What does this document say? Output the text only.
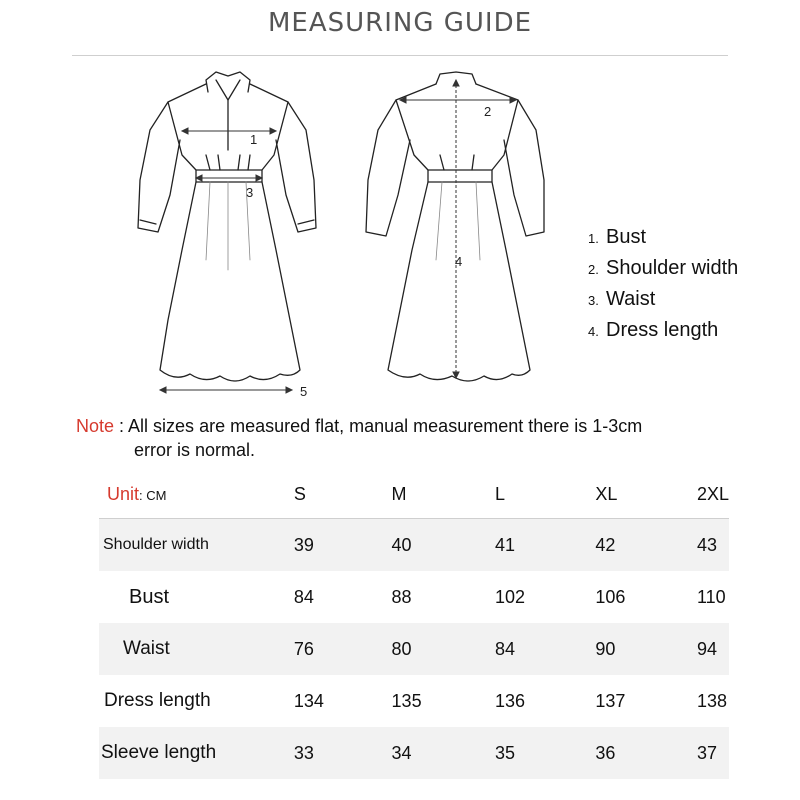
MEASURING GUIDE
1
2
3
4
5
1. Bust
2. Shoulder width
3. Waist
4. Dress length
Note : All sizes are measured flat, manual measurement there is 1-3cm
error is normal.
Unit: CM	S	M	L	XL	2XL
Shoulder width	39	40	41	42	43
Bust	84	88	102	106	110
Waist	76	80	84	90	94
Dress length	134	135	136	137	138
Sleeve length	33	34	35	36	37
